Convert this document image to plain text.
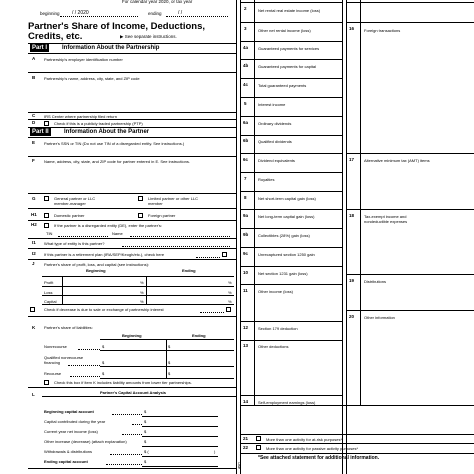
For calendar year 2020, or tax year
beginning / / 2020	ending	/ /
Partner's Share of Income, Deductions,
Credits, etc.	▶ See separate instructions.
Part I	Information About the Partnership
A Partnership's employer identification number
B Partnership's name, address, city, state, and ZIP code
C IRS Center where partnership filed return
D	Check if this is a publicly traded partnership (PTP)
Part II	Information About the Partner
E Partner's SSN or TIN (Do not use TIN of a disregarded entity. See instructions.)
F Name, address, city, state, and ZIP code for partner entered in E. See instructions.
G	General partner or LLC
member-manager
Limited partner or other LLC
member
H1	Domestic partner	Foreign partner
H2	If the partner is a disregarded entity (DE), enter the partner's:
TIN	Name
I1 What type of entity is this partner?
I2 If this partner is a retirement plan (IRA/SEP/Keogh/etc.), check here
J Partner's share of profit, loss, and capital (see instructions):
Beginning	Ending
Profit	%	%
Loss	%	%
Capital	%	%
Check if decrease is due to sale or exchange of partnership interest
K Partner's share of liabilities:
Beginning	Ending
Nonrecourse	$	$
Qualified nonrecourse
financing	$	$
Recourse	$	$
Check this box if item K includes liability amounts from lower tier partnerships.
L	Partner's Capital Account Analysis
Beginning capital account	$
Capital contributed during the year	$
Current year net income (loss)	$
Other increase (decrease) (attach explanation)	$
Withdrawals & distributions	$ (	)
Ending capital account	$
2	Net rental real estate income (loss)
3	Other net rental income (loss)	16 Foreign transactions
4a Guaranteed payments for services
4b Guaranteed payments for capital
4c Total guaranteed payments
5	Interest income
6a Ordinary dividends
6b Qualified dividends
6c Dividend equivalents	17 Alternative minimum tax (AMT) items
7	Royalties
8	Net short-term capital gain (loss)
9a Net long-term capital gain (loss)	18 Tax-exempt income and
nondeductible expenses
9b Collectibles (28%) gain (loss)
9c Unrecaptured section 1250 gain
10 Net section 1231 gain (loss)
19 Distributions
11	Other income (loss)
20 Other information
12 Section 179 deduction
13 Other deductions
14 Self-employment earnings (loss)
21	More than one activity for at-risk purposes*
22	More than one activity for passive activity purposes*
*See attached statement for additional information.
Use
